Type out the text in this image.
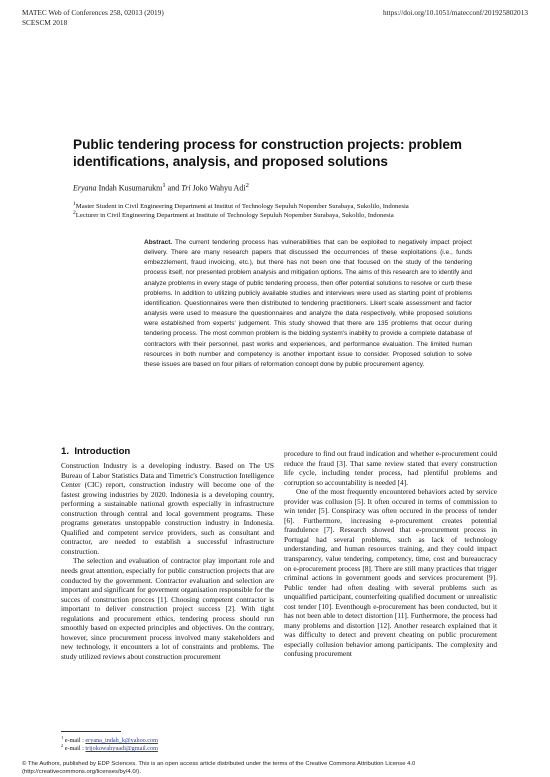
MATEC Web of Conferences 258, 02013 (2019)
SCESCM 2018
https://doi.org/10.1051/matecconf/201925802013
Public tendering process for construction projects: problem identifications, analysis, and proposed solutions
Eryana Indah Kusumaruknı$^1$ and Tri Joko Wahyu Adi$^2$
$^1$Master Student in Civil Engineering Department at Institut of Technology Sepuluh Nopember Surabaya, Sukolilo, Indonesia
$^2$Lecturer in Civil Engineering Department at Institute of Technology Sepuluh Nopember Surabaya, Sukolilo, Indonesia

Abstract. The current tendering process has vulnerabilities that can be exploited to negatively impact project delivery. There are many research papers that discussed the occurrences of these exploitations (i.e., funds embezzlement, fraud invoicing, etc.), but there has not been one that focused on the study of the tendering process itself, nor presented problem analysis and mitigation options. The aims of this research are to identify and analyze problems in every stage of public tendering process, then offer potential solutions to resolve or curb these problems. In addition to utilizing publicly available studies and interviews were used as starting point of problems identification. Questionnaires were then distributed to tendering practitioners. Likert scale assessment and factor analysis were used to measure the questionnaires and analyze the data respectively, while proposed solutions were established from experts' judgement. This study showed that there are 135 problems that occur during tendering process. The most common problem is the bidding system's inability to provide a complete database of contractors with their personnel, past works and experiences, and performance evaluation. The limited human resources in both number and competency is another important issue to consider. Proposed solution to solve these issues are based on four pillars of reformation concept done by public procurement agency.

1.  Introduction

Construction Industry is a developing industry. Based on The US Bureau of Labor Statistics Data and Timetric's Construction Intelligence Center (CIC) report, construction industry will become one of the fastest growing industries by 2020. Indonesia is a developing country, performing a sustainable national growth especially in infrastructure construction through central and local government programs. These programs generates unstoppable construction industry in Indonesia. Qualified and competent service providers, such as consultant and contractor, are needed to establish a successful infrastructure construction.

The selection and evaluation of contractor play important role and needs great attention, especially for public construction projects that are conducted by the government. Contractor evaluation and selection are important and significant for goverment organisation responsible for the succes of construction procces [1]. Choosing competent contractor is important to deliver construction project success [2]. With tight regulations and procurement ethics, tendering process should run smoothly based on expected principles and objectives. On the contrary, however, since procurement process involved many stakeholders and new technology, it encounters a lot of constraints and problems. The study utilized reviews about construction procurement

procedure to find out fraud indication and whether e-procurement could reduce the fraud [3]. That same review stated that every construction life cycle, including tender process, had plentiful problems and corruption so accountability is needed [4].

One of the most frequently encountered behaviors acted by service provider was collusion [5]. It often occured in terms of commission to win tender [5]. Conspiracy was often occured in the process of tender [6]. Furthermore, increasing e-procurement creates potential fraudulence [7]. Research showed that e-procurement process in Portugal had several problems, such as lack of technology understanding, and human resources training, and they could impact transparency, value tendering, competency, time, cost and bureaucracy on e-procurement process [8]. There are still many practices that trigger criminal actions in government goods and services procurement [9]. Public tender had often dealing with several problems such as unqualified participant, counterfeiting qualified document or unrealistic cost tender [10]. Eventhough e-procurement has been conducted, but it has not been able to detect distortion [11]. Furthermore, the process had many problems and distortion [12]. Another research explained that it was difficulty to detect and prevent cheating on public procurement especially collusion behavior among participants. The complexity and confusing procurement

$^1$ e-mail : eryana_indah_k@yahoo.com
$^2$ e-mail : trijokowahyuadi@gmail.com
© The Authors, published by EDP Sciences. This is an open access article distributed under the terms of the Creative Commons Attribution License 4.0 (http://creativecommons.org/licenses/by/4.0/).
